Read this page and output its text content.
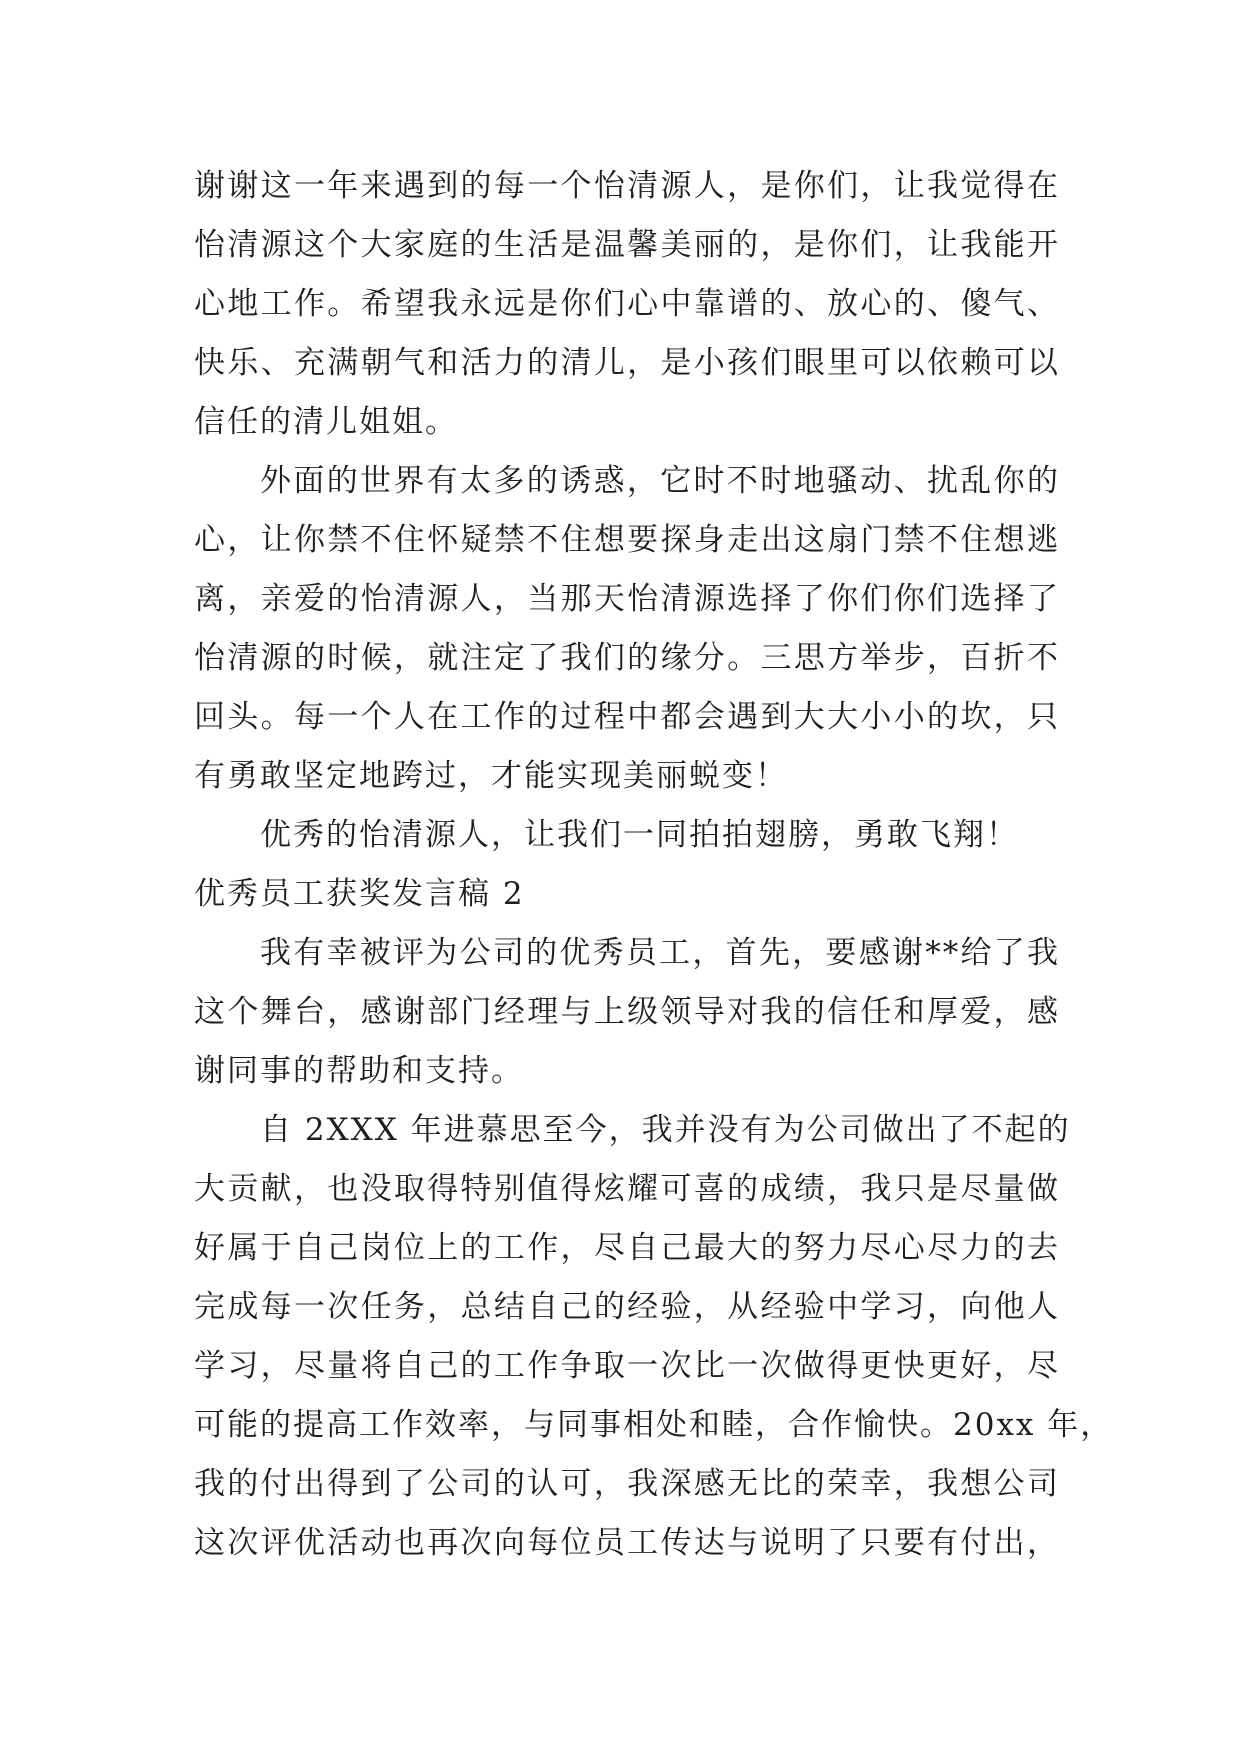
谢谢这一年来遇到的每一个怡清源人，是你们，让我觉得在
怡清源这个大家庭的生活是温馨美丽的，是你们，让我能开
心地工作。希望我永远是你们心中靠谱的、放心的、傻气、
快乐、充满朝气和活力的清儿，是小孩们眼里可以依赖可以
信任的清儿姐姐。
外面的世界有太多的诱惑，它时不时地骚动、扰乱你的
心，让你禁不住怀疑禁不住想要探身走出这扇门禁不住想逃
离，亲爱的怡清源人，当那天怡清源选择了你们你们选择了
怡清源的时候，就注定了我们的缘分。三思方举步，百折不
回头。每一个人在工作的过程中都会遇到大大小小的坎，只
有勇敢坚定地跨过，才能实现美丽蜕变！
优秀的怡清源人，让我们一同拍拍翅膀，勇敢飞翔！
优秀员工获奖发言稿 2
我有幸被评为公司的优秀员工，首先，要感谢**给了我
这个舞台，感谢部门经理与上级领导对我的信任和厚爱，感
谢同事的帮助和支持。
自 2XXX 年进慕思至今，我并没有为公司做出了不起的
大贡献，也没取得特别值得炫耀可喜的成绩，我只是尽量做
好属于自己岗位上的工作，尽自己最大的努力尽心尽力的去
完成每一次任务，总结自己的经验，从经验中学习，向他人
学习，尽量将自己的工作争取一次比一次做得更快更好，尽
可能的提高工作效率，与同事相处和睦，合作愉快。20xx 年，
我的付出得到了公司的认可，我深感无比的荣幸，我想公司
这次评优活动也再次向每位员工传达与说明了只要有付出，
